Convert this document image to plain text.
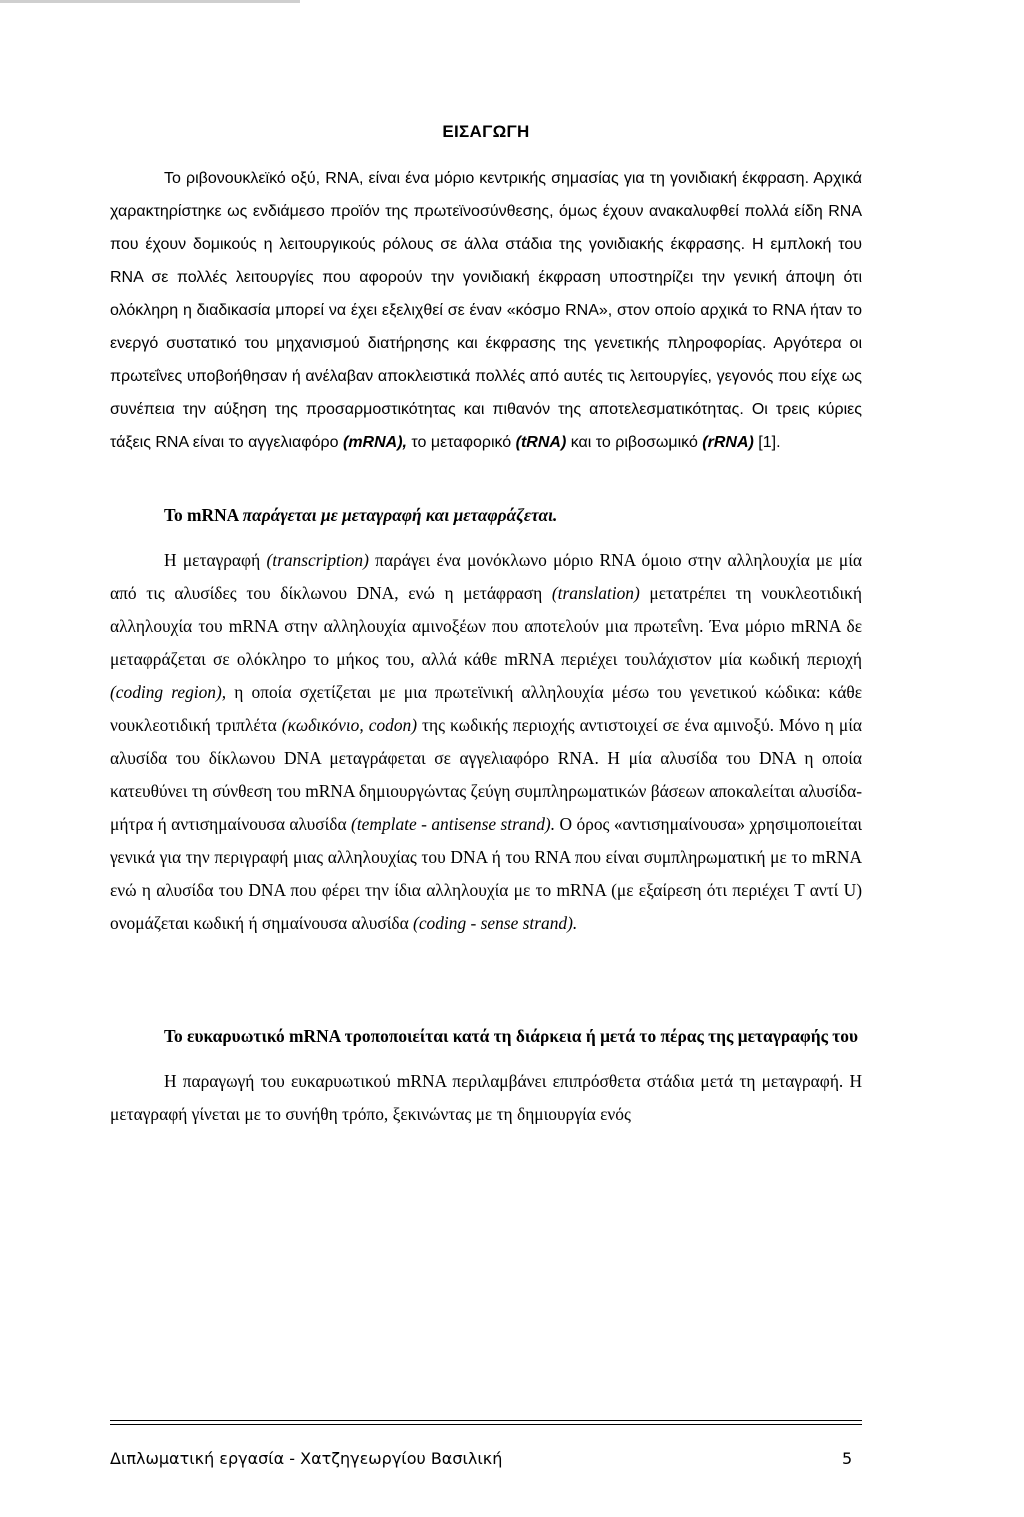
ΕΙΣΑΓΩΓΗ

Το ριβονουκλεϊκό οξύ, RNA, είναι ένα μόριο κεντρικής σημασίας για τη γονιδιακή έκφραση. Αρχικά χαρακτηρίστηκε ως ενδιάμεσο προϊόν της πρωτεϊνοσύνθεσης, όμως έχουν ανακαλυφθεί πολλά είδη RNA που έχουν δομικούς η λειτουργικούς ρόλους σε άλλα στάδια της γονιδιακής έκφρασης. Η εμπλοκή του RNA σε πολλές λειτουργίες που αφορούν την γονιδιακή έκφραση υποστηρίζει την γενική άποψη ότι ολόκληρη η διαδικασία μπορεί να έχει εξελιχθεί σε έναν «κόσμο RNA», στον οποίο αρχικά το RNA ήταν το ενεργό συστατικό του μηχανισμού διατήρησης και έκφρασης της γενετικής πληροφορίας. Αργότερα οι πρωτεΐνες υποβοήθησαν ή ανέλαβαν αποκλειστικά πολλές από αυτές τις λειτουργίες, γεγονός που είχε ως συνέπεια την αύξηση της προσαρμοστικότητας και πιθανόν της αποτελεσματικότητας. Οι τρεις κύριες τάξεις RNA είναι το αγγελιαφόρο (mRNA), το μεταφορικό (tRNA) και το ριβοσωμικό (rRNA) [1].

Το mRNA παράγεται με μεταγραφή και μεταφράζεται.

Η μεταγραφή (transcription) παράγει ένα μονόκλωνο μόριο RNA όμοιο στην αλληλουχία με μία από τις αλυσίδες του δίκλωνου DNA, ενώ η μετάφραση (translation) μετατρέπει τη νουκλεοτιδική αλληλουχία του mRNA στην αλληλουχία αμινοξέων που αποτελούν μια πρωτεΐνη. Ένα μόριο mRNA δε μεταφράζεται σε ολόκληρο το μήκος του, αλλά κάθε mRNA περιέχει τουλάχιστον μία κωδική περιοχή (coding region), η οποία σχετίζεται με μια πρωτεϊνική αλληλουχία μέσω του γενετικού κώδικα: κάθε νουκλεοτιδική τριπλέτα (κωδικόνιο, codon) της κωδικής περιοχής αντιστοιχεί σε ένα αμινοξύ. Μόνο η μία αλυσίδα του δίκλωνου DNA μεταγράφεται σε αγγελιαφόρο RNA. Η μία αλυσίδα του DNA η οποία κατευθύνει τη σύνθεση του mRNA δημιουργώντας ζεύγη συμπληρωματικών βάσεων αποκαλείται αλυσίδα-μήτρα ή αντισημαίνουσα αλυσίδα (template - antisense strand). Ο όρος «αντισημαίνουσα» χρησιμοποιείται γενικά για την περιγραφή μιας αλληλουχίας του DNA ή του RNA που είναι συμπληρωματική με το mRNA ενώ η αλυσίδα του DNA που φέρει την ίδια αλληλουχία με το mRNA (με εξαίρεση ότι περιέχει T αντί U) ονομάζεται κωδική ή σημαίνουσα αλυσίδα (coding - sense strand).

Το ευκαρυωτικό mRNA τροποποιείται κατά τη διάρκεια ή μετά το πέρας της μεταγραφής του

Η παραγωγή του ευκαρυωτικού mRNA περιλαμβάνει επιπρόσθετα στάδια μετά τη μεταγραφή. Η μεταγραφή γίνεται με το συνήθη τρόπο, ξεκινώντας με τη δημιουργία ενός

Διπλωματική εργασία - Χατζηγεωργίου Βασιλική	5
